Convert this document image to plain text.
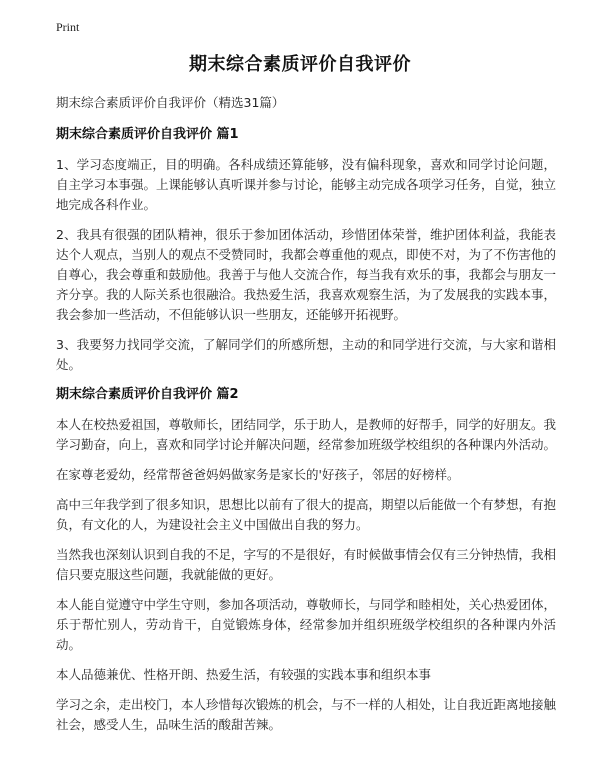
Print
期末综合素质评价自我评价

期末综合素质评价自我评价（精选31篇）

期末综合素质评价自我评价 篇1

1、学习态度端正，目的明确。各科成绩还算能够，没有偏科现象，喜欢和同学讨论问题，自主学习本事强。上课能够认真听课并参与讨论，能够主动完成各项学习任务，自觉，独立地完成各科作业。

2、我具有很强的团队精神，很乐于参加团体活动，珍惜团体荣誉，维护团体利益，我能表达个人观点，当别人的观点不受赞同时，我都会尊重他的观点，即使不对，为了不伤害他的自尊心，我会尊重和鼓励他。我善于与他人交流合作，每当我有欢乐的事，我都会与朋友一齐分享。我的人际关系也很融洽。我热爱生活，我喜欢观察生活，为了发展我的实践本事，我会参加一些活动，不但能够认识一些朋友，还能够开拓视野。

3、我要努力找同学交流，了解同学们的所感所想，主动的和同学进行交流，与大家和谐相处。

期末综合素质评价自我评价 篇2

本人在校热爱祖国，尊敬师长，团结同学，乐于助人，是教师的好帮手，同学的好朋友。我学习勤奋，向上，喜欢和同学讨论并解决问题，经常参加班级学校组织的各种课内外活动。

在家尊老爱幼，经常帮爸爸妈妈做家务是家长的'好孩子，邻居的好榜样。

高中三年我学到了很多知识，思想比以前有了很大的提高，期望以后能做一个有梦想，有抱负，有文化的人，为建设社会主义中国做出自我的努力。

当然我也深刻认识到自我的不足，字写的不是很好，有时候做事情会仅有三分钟热情，我相信只要克服这些问题，我就能做的更好。

本人能自觉遵守中学生守则，参加各项活动，尊敬师长，与同学和睦相处，关心热爱团体，乐于帮忙别人，劳动肯干，自觉锻炼身体，经常参加并组织班级学校组织的各种课内外活动。

本人品德兼优、性格开朗、热爱生活，有较强的实践本事和组织本事

学习之余，走出校门，本人珍惜每次锻炼的机会，与不一样的人相处，让自我近距离地接触社会，感受人生，品味生活的酸甜苦辣。
